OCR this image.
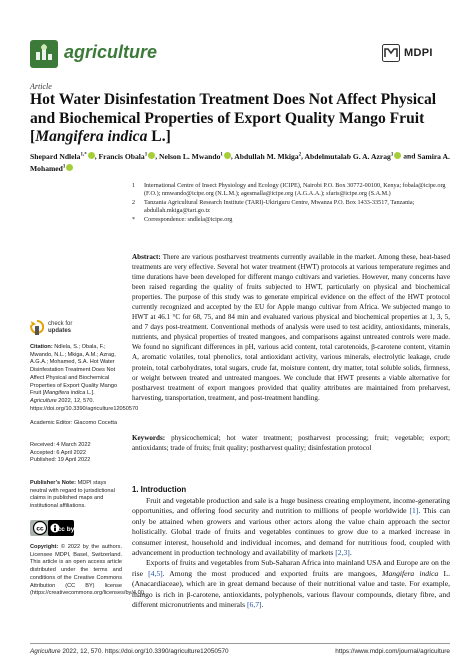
agriculture	MDPI
Article
Hot Water Disinfestation Treatment Does Not Affect Physical and Biochemical Properties of Export Quality Mango Fruit [Mangifera indica L.]
Shepard Ndlela$^{1,*}$ , Francis Obala$^1$ , Nelson L. Mwando$^1$ , Abdullah M. Mkiga$^2$, Abdelmutalab G. A. Azrag$^1$ and Samira A. Mohamed$^1$
1	International Centre of Insect Physiology and Ecology (ICIPE), Nairobi P.O. Box 30772-00100, Kenya; fobala@icipe.org (F.O.); nmwando@icipe.org (N.L.M.); agesmalla@icipe.org (A.G.A.A.); sfaris@icipe.org (S.A.M.)
2	Tanzania Agricultural Research Institute (TARI)-Ukiriguru Centre, Mwanza P.O. Box 1433-33517, Tanzania; abdullah.mkiga@tari.go.tz
*	Correspondence: sndlela@icipe.org
check for
updates
Citation: Ndlela, S.; Obala, F.; Mwando, N.L.; Mkiga, A.M.; Azrag, A.G.A.; Mohamed, S.A. Hot Water Disinfestation Treatment Does Not Affect Physical and Biochemical Properties of Export Quality Mango Fruit [Mangifera indica L.]. Agriculture 2022, 12, 570. https://doi.org/10.3390/agriculture12050570
Academic Editor: Giacomo Cocetta
Received: 4 March 2022
Accepted: 6 April 2022
Published: 19 April 2022
Publisher’s Note: MDPI stays neutral with regard to jurisdictional claims in published maps and institutional affiliations.
cc cc by
Copyright: © 2022 by the authors. Licensee MDPI, Basel, Switzerland. This article is an open access article distributed under the terms and conditions of the Creative Commons Attribution (CC BY) license (https://creativecommons.org/licenses/by/4.0/).
Abstract: There are various postharvest treatments currently available in the market. Among these, heat-based treatments are very effective. Several hot water treatment (HWT) protocols at various temperature regimes and time durations have been developed for different mango cultivars and varieties. However, many concerns have been raised regarding the quality of fruits subjected to HWT, particularly on physical and biochemical properties. The purpose of this study was to generate empirical evidence on the effect of the HWT protocol currently recognized and accepted by the EU for Apple mango cultivar from Africa. We subjected mango to HWT at 46.1 °C for 68, 75, and 84 min and evaluated various physical and biochemical properties at 1, 3, 5, and 7 days post-treatment. Conventional methods of analysis were used to test acidity, antioxidants, minerals, nutrients, and physical properties of treated mangoes, and comparisons against untreated controls were made. We found no significant differences in pH, various acid content, total carotenoids, β-carotene content, vitamin A, aromatic volatiles, total phenolics, total antioxidant activity, various minerals, electrolytic leakage, crude protein, total carbohydrates, total sugars, crude fat, moisture content, dry matter, total soluble solids, firmness, or weight between treated and untreated mangoes. We conclude that HWT presents a viable alternative for postharvest treatment of export mangoes provided that quality attributes are maintained from preharvest, harvesting, transportation, treatment, and post-treatment handling.
Keywords: physicochemical; hot water treatment; postharvest processing; fruit; vegetable; export; antioxidants; trade of fruits; fruit quality; postharvest quality; disinfestation protocol
1. Introduction

Fruit and vegetable production and sale is a huge business creating employment, income-generating opportunities, and offering food security and nutrition to millions of people worldwide [1]. This can only be attained when growers and various other actors along the value chain approach the sector holistically. Global trade of fruits and vegetables continues to grow due to a marked increase in consumer interest, household and individual incomes, and demand for nutritious food, coupled with advancement in production technology and availability of markets [2,3].

Exports of fruits and vegetables from Sub-Saharan Africa into mainland USA and Europe are on the rise [4,5]. Among the most produced and exported fruits are mangoes, Mangifera indica L. (Anacardiaceae), which are in great demand because of their nutritional value and taste. For example, mango is rich in β-carotene, antioxidants, polyphenols, various flavour compounds, dietary fibre, and different micronutrients and minerals [6,7].

Agriculture 2022, 12, 570. https://doi.org/10.3390/agriculture12050570	https://www.mdpi.com/journal/agriculture
